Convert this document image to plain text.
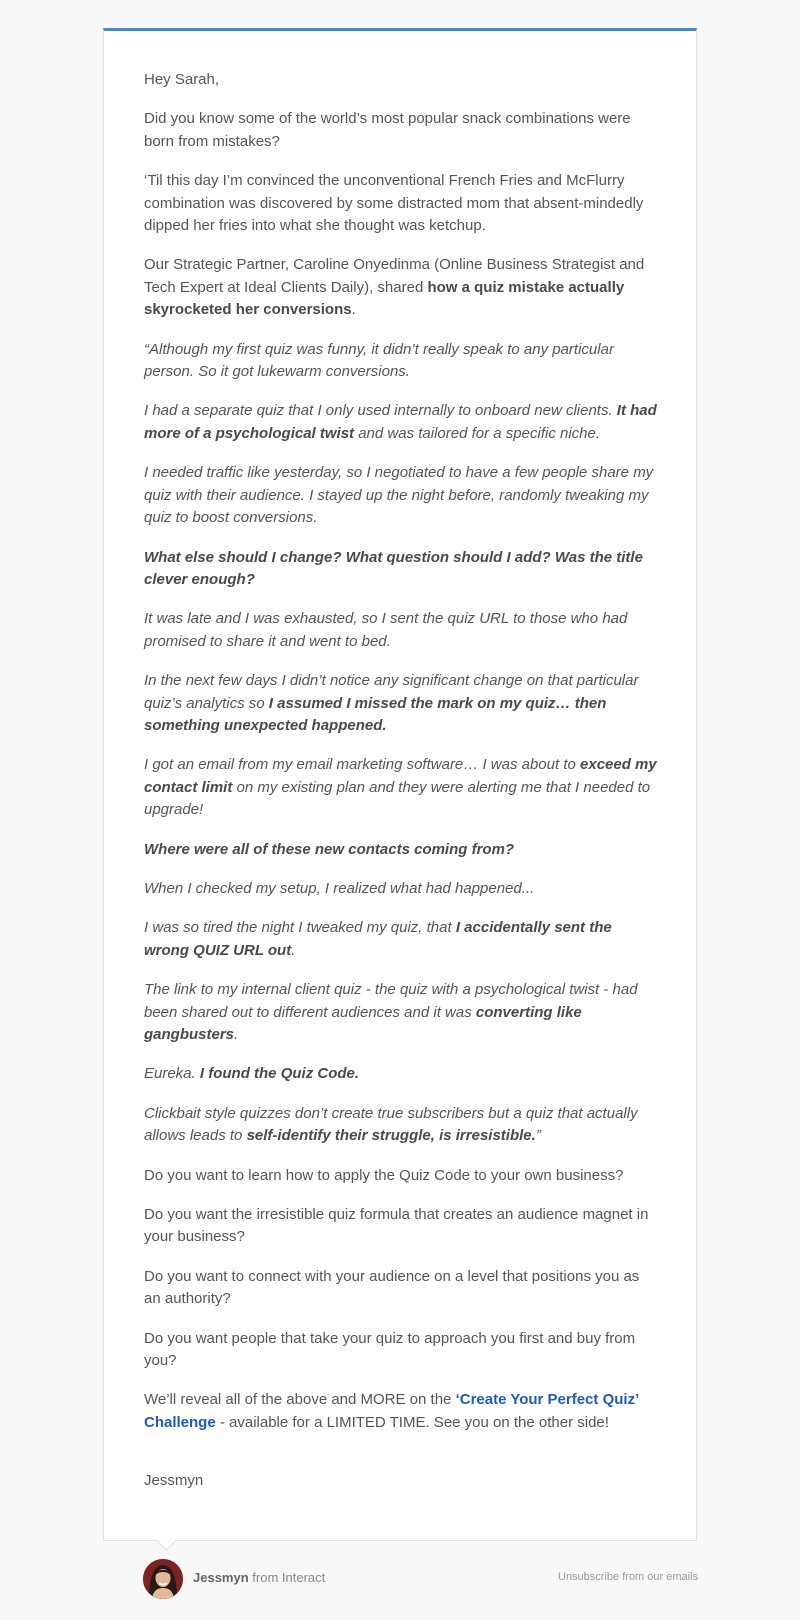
Hey Sarah,

Did you know some of the world’s most popular snack combinations were born from mistakes?

‘Til this day I’m convinced the unconventional French Fries and McFlurry combination was discovered by some distracted mom that absent-mindedly dipped her fries into what she thought was ketchup.

Our Strategic Partner, Caroline Onyedinma (Online Business Strategist and Tech Expert at Ideal Clients Daily), shared how a quiz mistake actually skyrocketed her conversions.

“Although my first quiz was funny, it didn’t really speak to any particular person. So it got lukewarm conversions.

I had a separate quiz that I only used internally to onboard new clients. It had more of a psychological twist and was tailored for a specific niche.

I needed traffic like yesterday, so I negotiated to have a few people share my quiz with their audience. I stayed up the night before, randomly tweaking my quiz to boost conversions.

What else should I change? What question should I add? Was the title clever enough?

It was late and I was exhausted, so I sent the quiz URL to those who had promised to share it and went to bed.

In the next few days I didn’t notice any significant change on that particular quiz’s analytics so I assumed I missed the mark on my quiz… then something unexpected happened.

I got an email from my email marketing software… I was about to exceed my contact limit on my existing plan and they were alerting me that I needed to upgrade!

Where were all of these new contacts coming from?

When I checked my setup, I realized what had happened...

I was so tired the night I tweaked my quiz, that I accidentally sent the wrong QUIZ URL out.

The link to my internal client quiz - the quiz with a psychological twist - had been shared out to different audiences and it was converting like gangbusters.

Eureka. I found the Quiz Code.

Clickbait style quizzes don’t create true subscribers but a quiz that actually allows leads to self-identify their struggle, is irresistible.”

Do you want to learn how to apply the Quiz Code to your own business?

Do you want the irresistible quiz formula that creates an audience magnet in your business?

Do you want to connect with your audience on a level that positions you as an authority?

Do you want people that take your quiz to approach you first and buy from you?

We’ll reveal all of the above and MORE on the ‘Create Your Perfect Quiz’ Challenge - available for a LIMITED TIME. See you on the other side!

Jessmyn

Jessmyn from Interact	Unsubscribe from our emails
